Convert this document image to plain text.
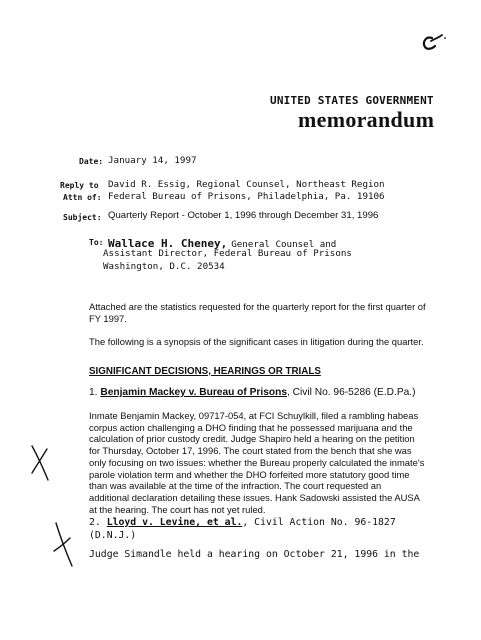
UNITED STATES GOVERNMENT
memorandum
Date: January 14, 1997
Reply to David R. Essig, Regional Counsel, Northeast Region
Attn of: Federal Bureau of Prisons, Philadelphia, Pa. 19106
Subject: Quarterly Report - October 1, 1996 through December 31, 1996
To: Wallace H. Cheney, General Counsel and
Assistant Director, Federal Bureau of Prisons
Washington, D.C. 20534
Attached are the statistics requested for the quarterly report for the first quarter of
FY 1997.
The following is a synopsis of the significant cases in litigation during the quarter.
SIGNIFICANT DECISIONS, HEARINGS OR TRIALS
1. Benjamin Mackey v. Bureau of Prisons, Civil No. 96-5286 (E.D.Pa.)
Inmate Benjamin Mackey, 09717-054, at FCI Schuylkill, filed a rambling habeas
corpus action challenging a DHO finding that he possessed marijuana and the
calculation of prior custody credit. Judge Shapiro held a hearing on the petition
for Thursday, October 17, 1996. The court stated from the bench that she was
only focusing on two issues: whether the Bureau properly calculated the inmate's
parole violation term and whether the DHO forfeited more statutory good time
than was available at the time of the infraction. The court requested an
additional declaration detailing these issues. Hank Sadowski assisted the AUSA
at the hearing. The court has not yet ruled.
2. Lloyd v. Levine, et al., Civil Action No. 96-1827
(D.N.J.)
Judge Simandle held a hearing on October 21, 1996 in the
